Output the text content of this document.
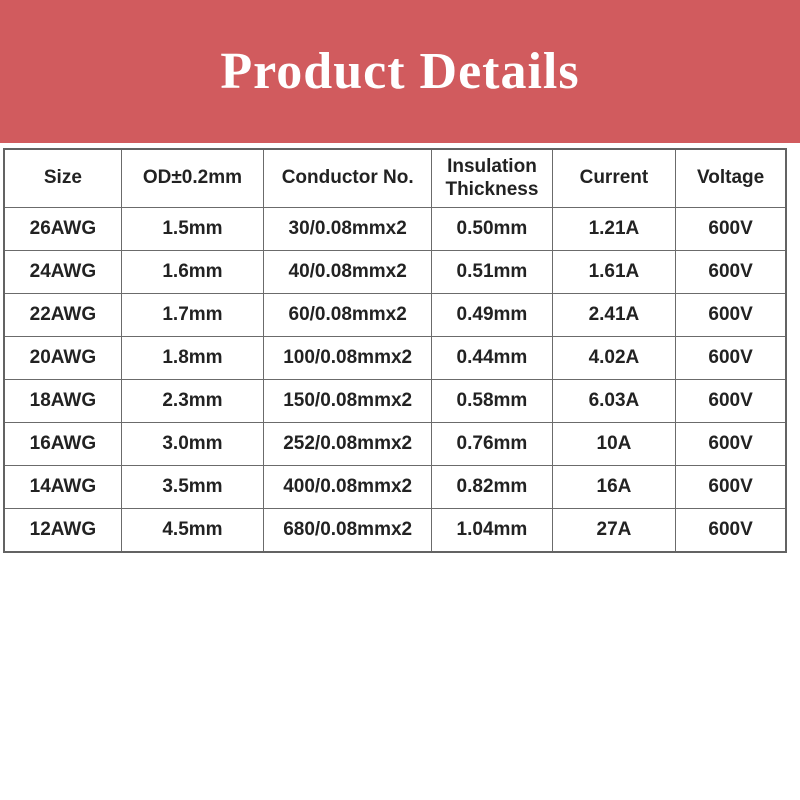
Product Details
Size	OD±0.2mm	Conductor No.	Insulation Thickness	Current	Voltage
26AWG	1.5mm	30/0.08mmx2	0.50mm	1.21A	600V
24AWG	1.6mm	40/0.08mmx2	0.51mm	1.61A	600V
22AWG	1.7mm	60/0.08mmx2	0.49mm	2.41A	600V
20AWG	1.8mm	100/0.08mmx2	0.44mm	4.02A	600V
18AWG	2.3mm	150/0.08mmx2	0.58mm	6.03A	600V
16AWG	3.0mm	252/0.08mmx2	0.76mm	10A	600V
14AWG	3.5mm	400/0.08mmx2	0.82mm	16A	600V
12AWG	4.5mm	680/0.08mmx2	1.04mm	27A	600V
